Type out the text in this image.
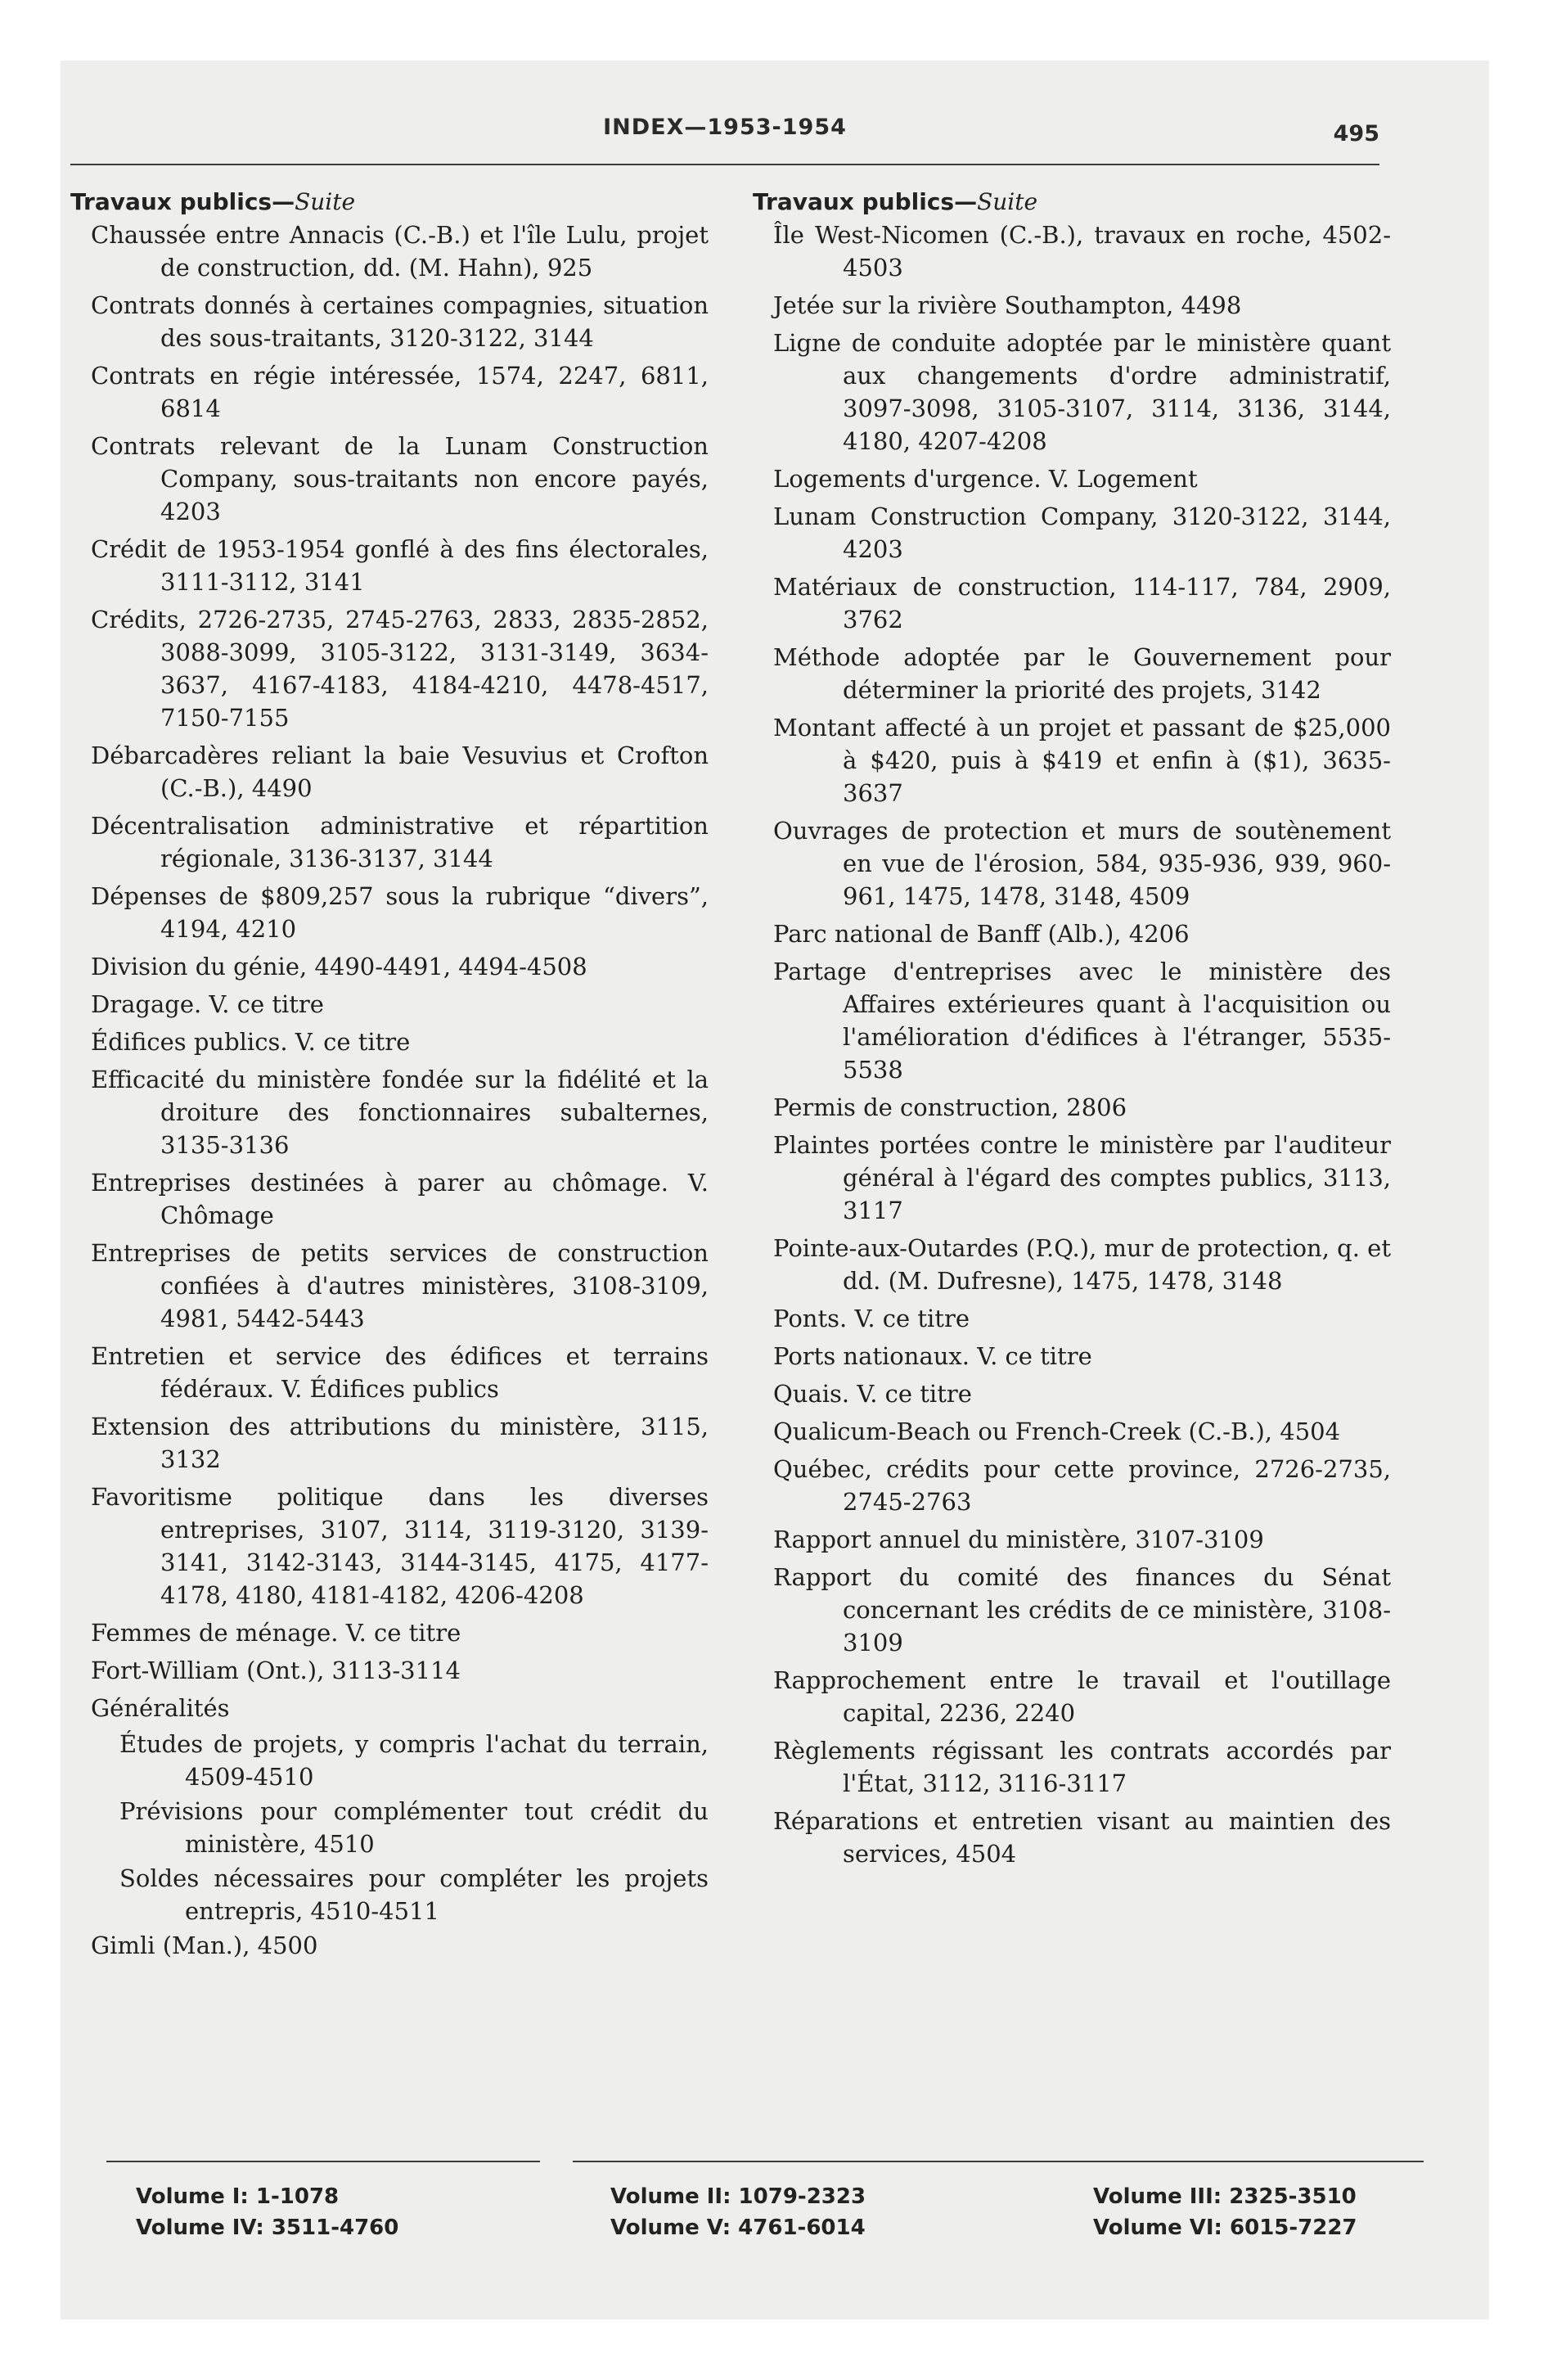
INDEX—1953-1954	495
Travaux publics—Suite
Chaussée entre Annacis (C.-B.) et l'île Lulu, projet de construction, dd. (M. Hahn), 925
Contrats donnés à certaines compagnies, situation des sous-traitants, 3120-3122, 3144
Contrats en régie intéressée, 1574, 2247, 6811, 6814
Contrats relevant de la Lunam Construction Company, sous-traitants non encore payés, 4203
Crédit de 1953-1954 gonflé à des fins électorales, 3111-3112, 3141
Crédits, 2726-2735, 2745-2763, 2833, 2835-2852, 3088-3099, 3105-3122, 3131-3149, 3634-3637, 4167-4183, 4184-4210, 4478-4517, 7150-7155
Débarcadères reliant la baie Vesuvius et Crofton (C.-B.), 4490
Décentralisation administrative et répartition régionale, 3136-3137, 3144
Dépenses de $809,257 sous la rubrique “divers”, 4194, 4210
Division du génie, 4490-4491, 4494-4508
Dragage. V. ce titre
Édifices publics. V. ce titre
Efficacité du ministère fondée sur la fidélité et la droiture des fonctionnaires subalternes, 3135-3136
Entreprises destinées à parer au chômage. V. Chômage
Entreprises de petits services de construction confiées à d'autres ministères, 3108-3109, 4981, 5442-5443
Entretien et service des édifices et terrains fédéraux. V. Édifices publics
Extension des attributions du ministère, 3115, 3132
Favoritisme politique dans les diverses entreprises, 3107, 3114, 3119-3120, 3139-3141, 3142-3143, 3144-3145, 4175, 4177-4178, 4180, 4181-4182, 4206-4208
Femmes de ménage. V. ce titre
Fort-William (Ont.), 3113-3114
Généralités
Études de projets, y compris l'achat du terrain, 4509-4510
Prévisions pour complémenter tout crédit du ministère, 4510
Soldes nécessaires pour compléter les projets entrepris, 4510-4511
Gimli (Man.), 4500
Travaux publics—Suite
Île West-Nicomen (C.-B.), travaux en roche, 4502-4503
Jetée sur la rivière Southampton, 4498
Ligne de conduite adoptée par le ministère quant aux changements d'ordre administratif, 3097-3098, 3105-3107, 3114, 3136, 3144, 4180, 4207-4208
Logements d'urgence. V. Logement
Lunam Construction Company, 3120-3122, 3144, 4203
Matériaux de construction, 114-117, 784, 2909, 3762
Méthode adoptée par le Gouvernement pour déterminer la priorité des projets, 3142
Montant affecté à un projet et passant de $25,000 à $420, puis à $419 et enfin à ($1), 3635-3637
Ouvrages de protection et murs de soutènement en vue de l'érosion, 584, 935-936, 939, 960-961, 1475, 1478, 3148, 4509
Parc national de Banff (Alb.), 4206
Partage d'entreprises avec le ministère des Affaires extérieures quant à l'acquisition ou l'amélioration d'édifices à l'étranger, 5535-5538
Permis de construction, 2806
Plaintes portées contre le ministère par l'auditeur général à l'égard des comptes publics, 3113, 3117
Pointe-aux-Outardes (P.Q.), mur de protection, q. et dd. (M. Dufresne), 1475, 1478, 3148
Ponts. V. ce titre
Ports nationaux. V. ce titre
Quais. V. ce titre
Qualicum-Beach ou French-Creek (C.-B.), 4504
Québec, crédits pour cette province, 2726-2735, 2745-2763
Rapport annuel du ministère, 3107-3109
Rapport du comité des finances du Sénat concernant les crédits de ce ministère, 3108-3109
Rapprochement entre le travail et l'outillage capital, 2236, 2240
Règlements régissant les contrats accordés par l'État, 3112, 3116-3117
Réparations et entretien visant au maintien des services, 4504
Volume I: 1-1078
Volume IV: 3511-4760
Volume II: 1079-2323
Volume V: 4761-6014
Volume III: 2325-3510
Volume VI: 6015-7227
